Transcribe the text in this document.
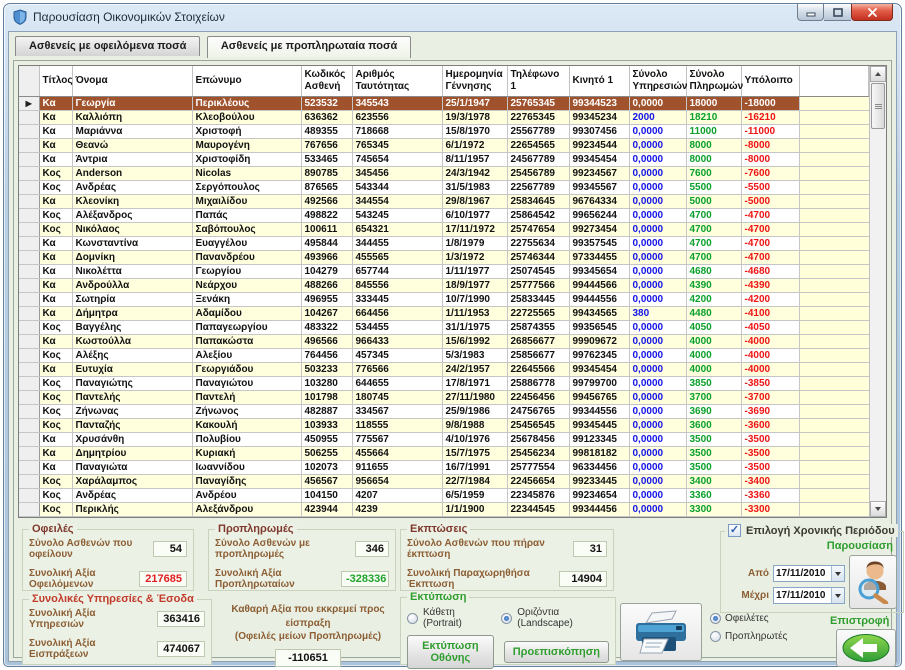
Παρουσίαση Οικονομικών Στοιχείων
Ασθενείς με οφειλόμενα ποσά	Ασθενείς με προπληρωταία ποσά
	Τίτλος	Όνομα	Επώνυμο	Κωδικός Ασθενή	Αριθμός Ταυτότητας	Ημερομηνία Γέννησης	Τηλέφωνο 1	Κινητό 1	Σύνολο Υπηρεσιών	Σύνολο Πληρωμών	Υπόλοιπο	
▶	Κα	Γεωργία	Περικλέους	523532	345543	25/1/1947	25765345	99344523	0,0000	18000	-18000	
	Κα	Καλλιόπη	Κλεοβούλου	636362	623556	19/3/1978	22765345	99345234	2000	18210	-16210	
	Κα	Μαριάννα	Χριστοφή	489355	718668	15/8/1970	25567789	99307456	0,0000	11000	-11000	
	Κα	Θεανώ	Μαυρογένη	767656	765345	6/1/1972	22654565	99234544	0,0000	8000	-8000	
	Κα	Άντρια	Χριστοφίδη	533465	745654	8/11/1957	24567789	99345454	0,0000	8000	-8000	
	Κος	Anderson	Nicolas	890785	345456	24/3/1942	25456789	99234567	0,0000	7600	-7600	
	Κος	Ανδρέας	Σεργόπουλος	876565	543344	31/5/1983	22567789	99345567	0,0000	5500	-5500	
	Κα	Κλεονίκη	Μιχαιλίδου	492566	344554	29/8/1967	25834645	96764334	0,0000	5000	-5000	
	Κος	Αλέξανδρος	Παπάς	498822	543245	6/10/1977	25864542	99656244	0,0000	4700	-4700	
	Κος	Νικόλαος	Σαβόπουλος	100611	654321	17/11/1972	25747654	99273454	0,0000	4700	-4700	
	Κα	Κωνσταντίνα	Ευαγγέλου	495844	344455	1/8/1979	22755634	99357545	0,0000	4700	-4700	
	Κα	Δομνίκη	Πανανδρέου	493966	455565	1/3/1972	25746344	97334455	0,0000	4700	-4700	
	Κα	Νικολέττα	Γεωργίου	104279	657744	1/11/1977	25074545	99345654	0,0000	4680	-4680	
	Κα	Ανδρούλλα	Νεάρχου	488266	845556	18/9/1977	25777566	99444566	0,0000	4390	-4390	
	Κα	Σωτηρία	Ξενάκη	496955	333445	10/7/1990	25833445	99444556	0,0000	4200	-4200	
	Κα	Δήμητρα	Αδαμίδου	104267	664456	1/11/1953	22725565	99434565	380	4480	-4100	
	Κος	Βαγγέλης	Παπαγεωργίου	483322	534455	31/1/1975	25874355	99356545	0,0000	4050	-4050	
	Κα	Κωστούλλα	Παπακώστα	496566	966433	15/6/1992	26856677	99909672	0,0000	4000	-4000	
	Κος	Αλέξης	Αλεξίου	764456	457345	5/3/1983	25856677	99762345	0,0000	4000	-4000	
	Κα	Ευτυχία	Γεωργιάδου	503233	776566	24/2/1957	22645566	99345454	0,0000	4000	-4000	
	Κος	Παναγιώτης	Παναγιώτου	103280	644655	17/8/1971	25886778	99799700	0,0000	3850	-3850	
	Κος	Παντελής	Παντελή	101798	180745	27/11/1980	22456456	99456765	0,0000	3700	-3700	
	Κος	Ζήνωνας	Ζήνωνος	482887	334567	25/9/1986	24756765	99344556	0,0000	3690	-3690	
	Κος	Πανταζής	Κακουλή	103933	118555	9/8/1988	25456545	99345445	0,0000	3600	-3600	
	Κα	Χρυσάνθη	Πολυβίου	450955	775567	4/10/1976	25678456	99123345	0,0000	3500	-3500	
	Κα	Δημητρίου	Κυριακή	506255	455664	15/7/1975	25456234	99818182	0,0000	3500	-3500	
	Κα	Παναγιώτα	Ιωαννίδου	102073	911655	16/7/1991	25777554	96334456	0,0000	3500	-3500	
	Κος	Χαράλαμπος	Παναγίδης	456567	956654	22/7/1984	22456654	99233445	0,0000	3400	-3400	
	Κος	Ανδρέας	Ανδρέου	104150	4207	6/5/1959	22345876	99234654	0,0000	3360	-3360	
	Κος	Περικλής	Αλεξάνδρου	423944	4239	1/1/1900	22344545	99344456	0,0000	3300	-3300	
Οφειλές
Σύνολο Ασθενών που οφείλουν	54
Συνολική Αξία Οφειλόμενων	217685
Προπληρωμές
Σύνολο Ασθενών με προπληρωμές	346
Συνολική Αξία Προπληρωταίων	-328336
Εκπτώσεις
Σύνολο Ασθενών που πήραν έκπτωση	31
Συνολική Παραχωρηθήσα Έκπτωση	14904
Συνολικές Υπηρεσίες & Έσοδα
Συνολική Αξία Υπηρεσιών	363416
Συνολική Αξία Εισπράξεων	474067
Καθαρή Αξία που εκκρεμεί προς είσπραξη
(Οφειλές μείων Προπληρωμές)
-110651
Εκτύπωση
Κάθετη (Portrait)
Οριζόντια (Landscape)
Εκτύπωση Οθόνης	Προεπισκόπηση
Οφειλέτες
Προπληρωτές
✓ Επιλογή Χρονικής Περιόδου
Παρουσίαση
Από 17/11/2010
Μέχρι 17/11/2010
Επιστροφή
